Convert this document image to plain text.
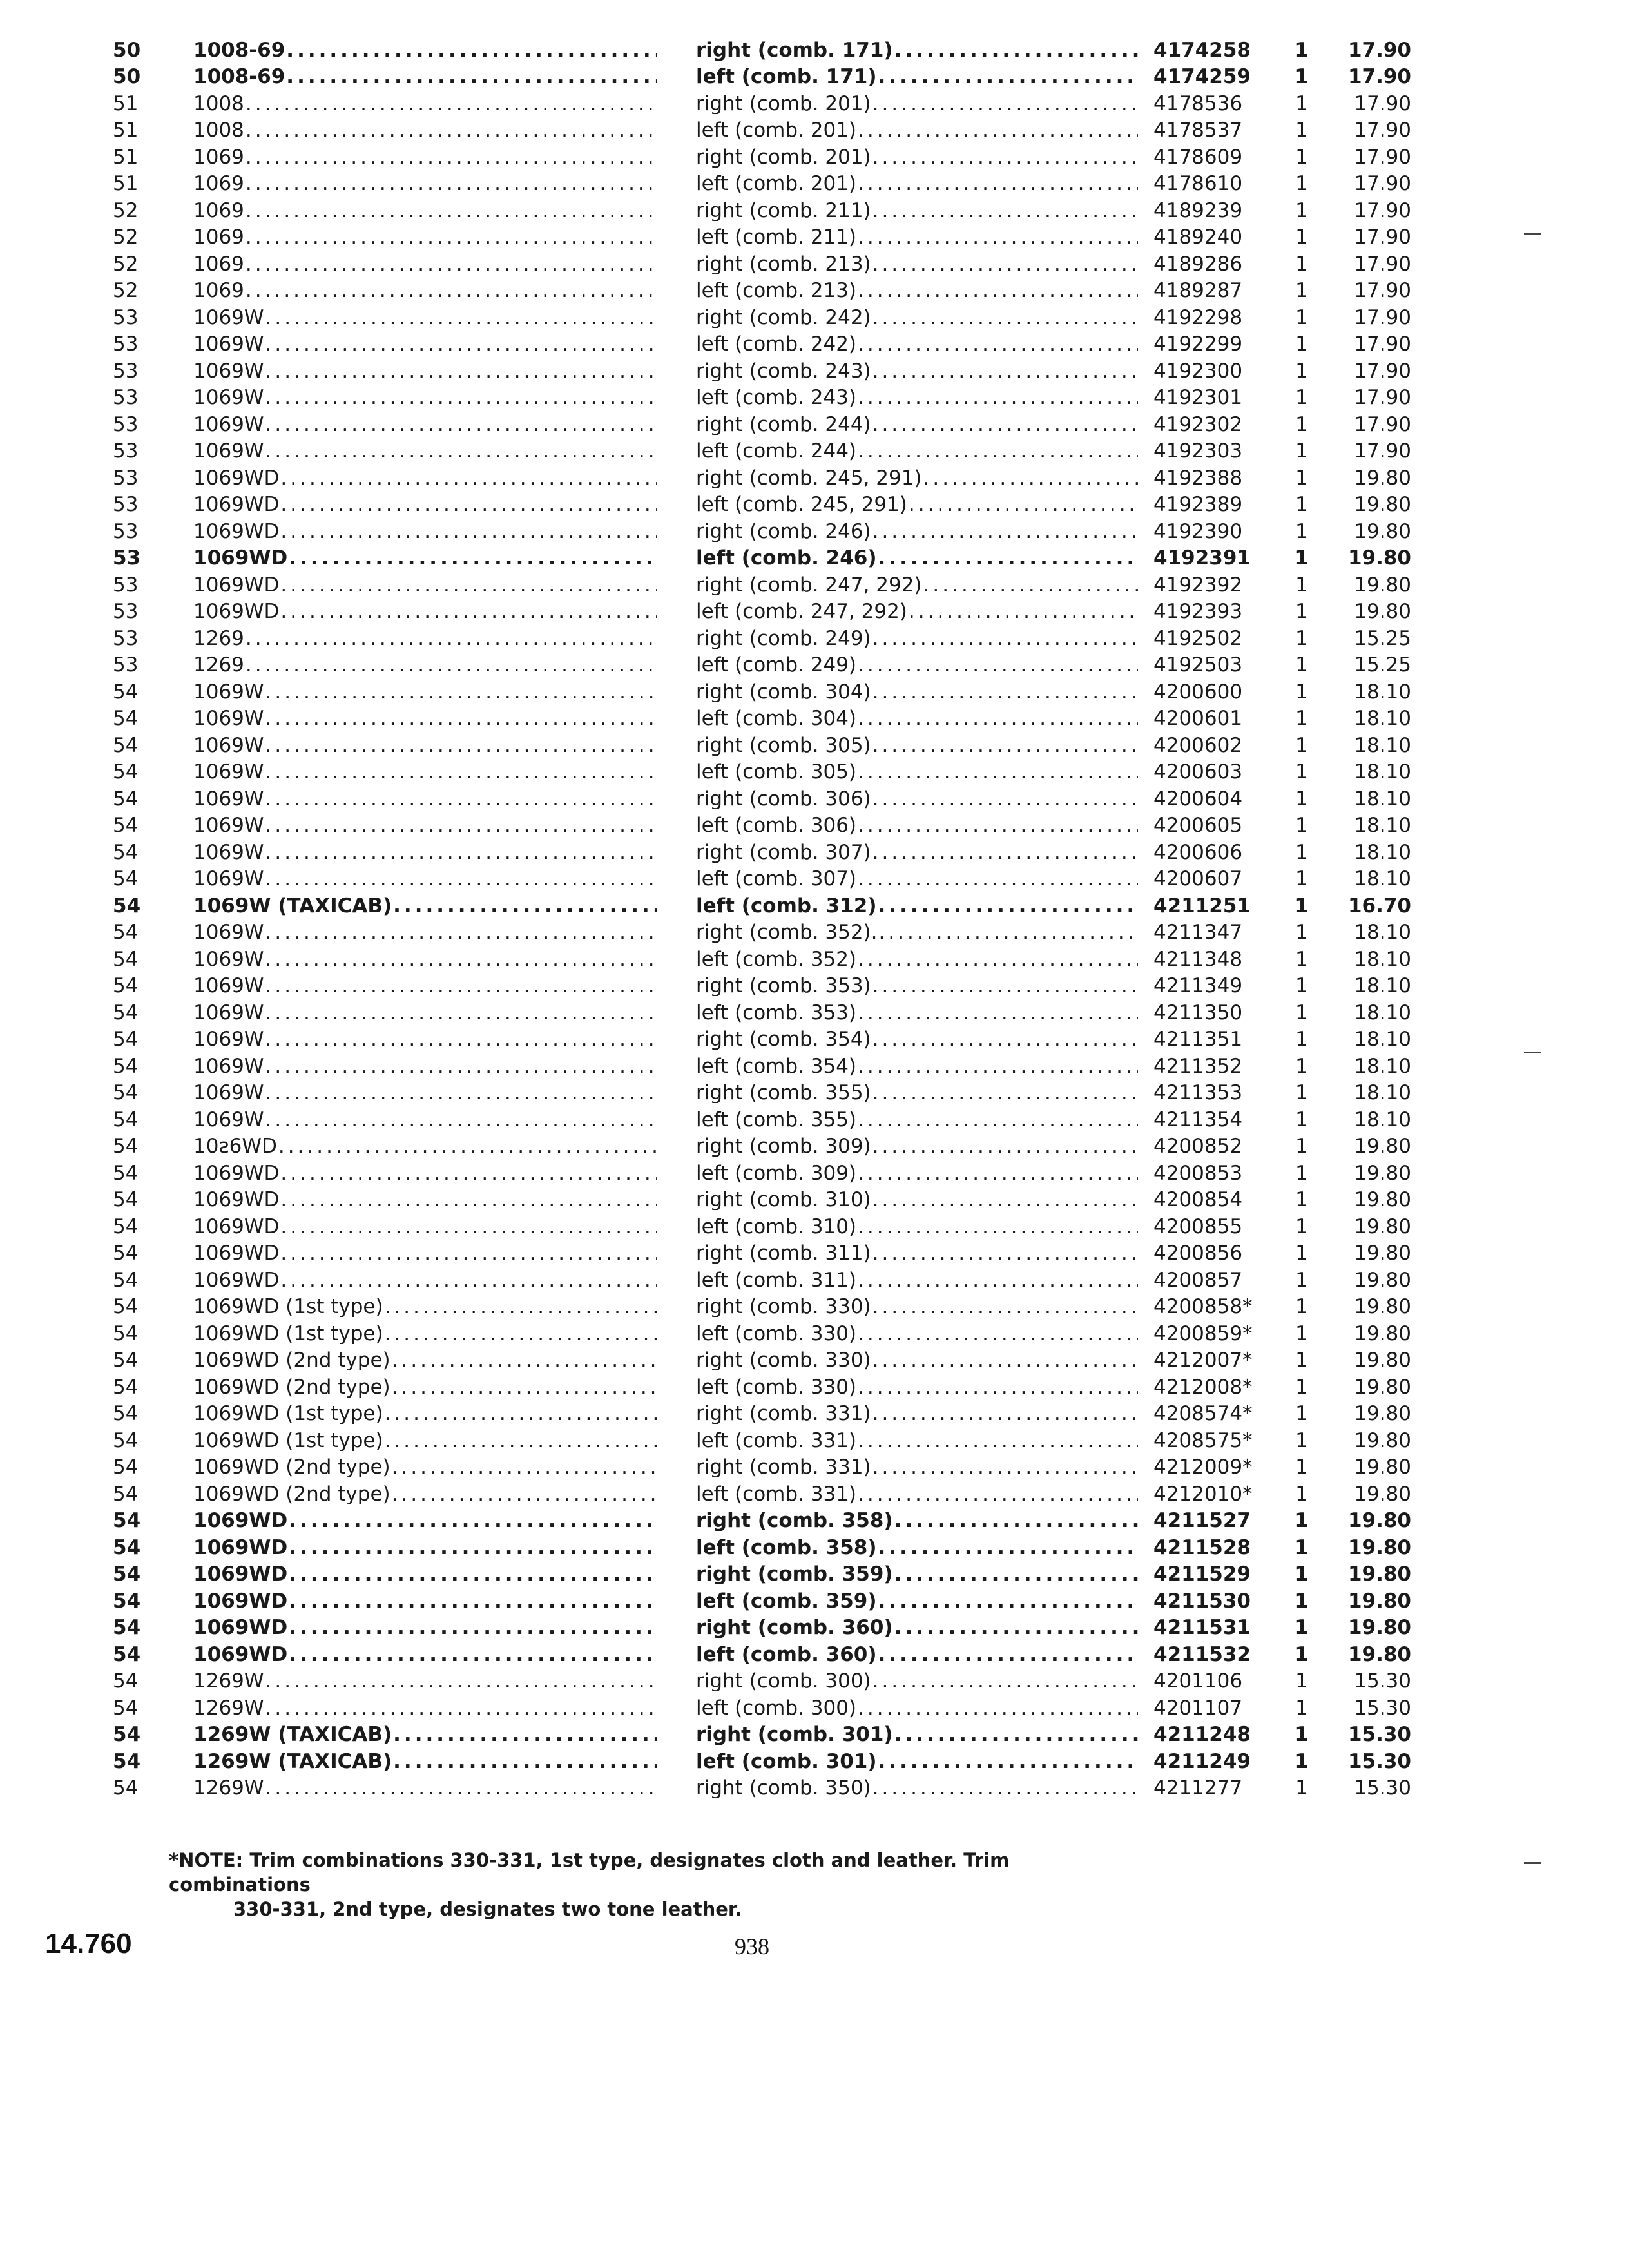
50	1008-69 .....	right (comb. 171) .....	4174258	1	17.90
50	1008-69 .....	left (comb. 171) .....	4174259	1	17.90
51	1008 .....	right (comb. 201) .....	4178536	1	17.90
51	1008 .....	left (comb. 201) .....	4178537	1	17.90
51	1069 .....	right (comb. 201) .....	4178609	1	17.90
51	1069 .....	left (comb. 201) .....	4178610	1	17.90
52	1069 .....	right (comb. 211) .....	4189239	1	17.90
52	1069 .....	left (comb. 211) .....	4189240	1	17.90
52	1069 .....	right (comb. 213) .....	4189286	1	17.90
52	1069 .....	left (comb. 213) .....	4189287	1	17.90
53	1069W .....	right (comb. 242) .....	4192298	1	17.90
53	1069W .....	left (comb. 242) .....	4192299	1	17.90
53	1069W .....	right (comb. 243) .....	4192300	1	17.90
53	1069W .....	left (comb. 243) .....	4192301	1	17.90
53	1069W .....	right (comb. 244) .....	4192302	1	17.90
53	1069W .....	left (comb. 244) .....	4192303	1	17.90
53	1069WD .....	right (comb. 245, 291) .....	4192388	1	19.80
53	1069WD .....	left (comb. 245, 291) .....	4192389	1	19.80
53	1069WD .....	right (comb. 246) .....	4192390	1	19.80
53	1069WD .....	left (comb. 246) .....	4192391	1	19.80
53	1069WD .....	right (comb. 247, 292) .....	4192392	1	19.80
53	1069WD .....	left (comb. 247, 292) .....	4192393	1	19.80
53	1269 .....	right (comb. 249) .....	4192502	1	15.25
53	1269 .....	left (comb. 249) .....	4192503	1	15.25
54	1069W .....	right (comb. 304) .....	4200600	1	18.10
54	1069W .....	left (comb. 304) .....	4200601	1	18.10
54	1069W .....	right (comb. 305) .....	4200602	1	18.10
54	1069W .....	left (comb. 305) .....	4200603	1	18.10
54	1069W .....	right (comb. 306) .....	4200604	1	18.10
54	1069W .....	left (comb. 306) .....	4200605	1	18.10
54	1069W .....	right (comb. 307) .....	4200606	1	18.10
54	1069W .....	left (comb. 307) .....	4200607	1	18.10
54	1069W (TAXICAB) .....	left (comb. 312) .....	4211251	1	16.70
54	1069W .....	right (comb. 352). .....	4211347	1	18.10
54	1069W .....	left (comb. 352) .....	4211348	1	18.10
54	1069W .....	right (comb. 353) .....	4211349	1	18.10
54	1069W .....	left (comb. 353) .....	4211350	1	18.10
54	1069W .....	right (comb. 354) .....	4211351	1	18.10
54	1069W .....	left (comb. 354) .....	4211352	1	18.10
54	1069W .....	right (comb. 355) .....	4211353	1	18.10
54	1069W .....	left (comb. 355) .....	4211354	1	18.10
54	10ƨ6WD .....	right (comb. 309) .....	4200852	1	19.80
54	1069WD .....	left (comb. 309) .....	4200853	1	19.80
54	1069WD .....	right (comb. 310) .....	4200854	1	19.80
54	1069WD .....	left (comb. 310) .....	4200855	1	19.80
54	1069WD .....	right (comb. 311) .....	4200856	1	19.80
54	1069WD .....	left (comb. 311) .....	4200857	1	19.80
54	1069WD (1st type) .....	right (comb. 330) .....	4200858*	1	19.80
54	1069WD (1st type) .....	left (comb. 330) .....	4200859*	1	19.80
54	1069WD (2nd type) .....	right (comb. 330) .....	4212007*	1	19.80
54	1069WD (2nd type) .....	left (comb. 330) .....	4212008*	1	19.80
54	1069WD (1st type) .....	right (comb. 331) .....	4208574*	1	19.80
54	1069WD (1st type) .....	left (comb. 331) .....	4208575*	1	19.80
54	1069WD (2nd type) .....	right (comb. 331) .....	4212009*	1	19.80
54	1069WD (2nd type) .....	left (comb. 331) .....	4212010*	1	19.80
54	1069WD .....	right (comb. 358) .....	4211527	1	19.80
54	1069WD .....	left (comb. 358) .....	4211528	1	19.80
54	1069WD .....	right (comb. 359) .....	4211529	1	19.80
54	1069WD .....	left (comb. 359) .....	4211530	1	19.80
54	1069WD .....	right (comb. 360) .....	4211531	1	19.80
54	1069WD .....	left (comb. 360) .....	4211532	1	19.80
54	1269W .....	right (comb. 300) .....	4201106	1	15.30
54	1269W .....	left (comb. 300) .....	4201107	1	15.30
54	1269W (TAXICAB) .....	right (comb. 301) .....	4211248	1	15.30
54	1269W (TAXICAB) .....	left (comb. 301) .....	4211249	1	15.30
54	1269W .....	right (comb. 350) .....	4211277	1	15.30
*NOTE: Trim combinations 330-331, 1st type, designates cloth and leather. Trim combinations
330-331, 2nd type, designates two tone leather.
14.760	938
